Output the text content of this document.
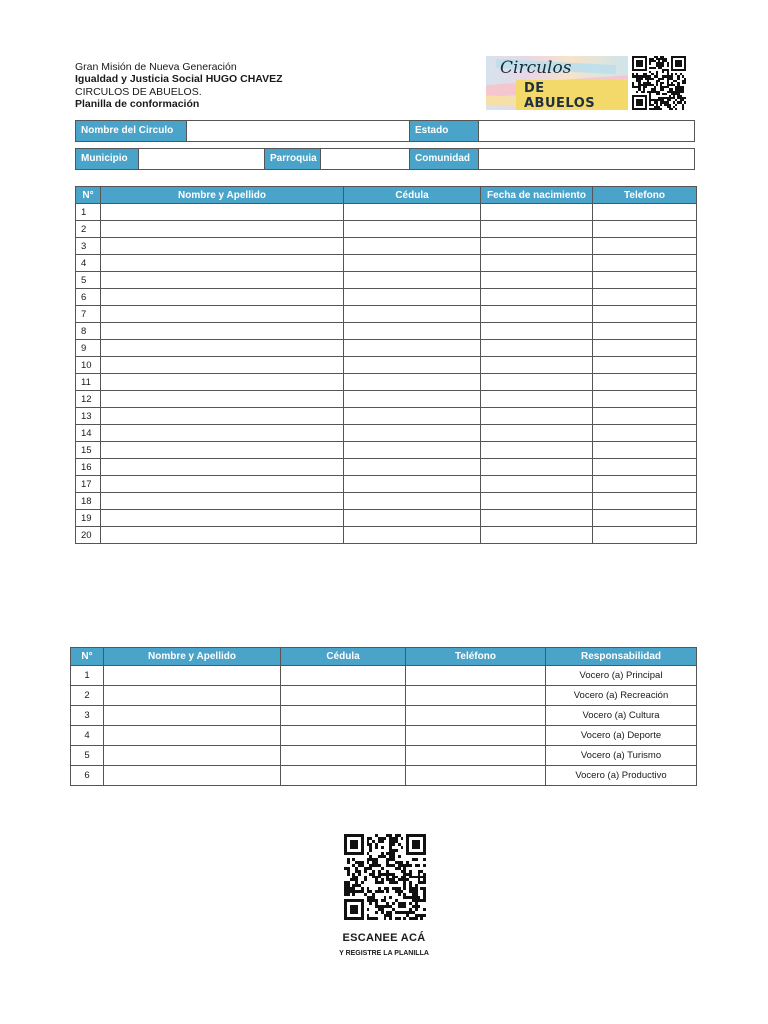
Gran Misión de Nueva Generación
Igualdad y Justicia Social HUGO CHAVEZ
CIRCULOS DE ABUELOS.
Planilla de conformación
Circulos
DE ABUELOS
Nombre del Circulo	Estado
Municipio	Parroquia	Comunidad
N°	Nombre y Apellido	Cédula	Fecha de nacimiento	Telefono
1				
2				
3				
4				
5				
6				
7				
8				
9				
10				
11				
12				
13				
14				
15				
16				
17				
18				
19				
20				
N°	Nombre y Apellido	Cédula	Teléfono	Responsabilidad
1				Vocero (a) Principal
2				Vocero (a) Recreación
3				Vocero (a) Cultura
4				Vocero (a) Deporte
5				Vocero (a) Turismo
6				Vocero (a) Productivo
ESCANEE ACÁ
Y REGISTRE LA PLANILLA
